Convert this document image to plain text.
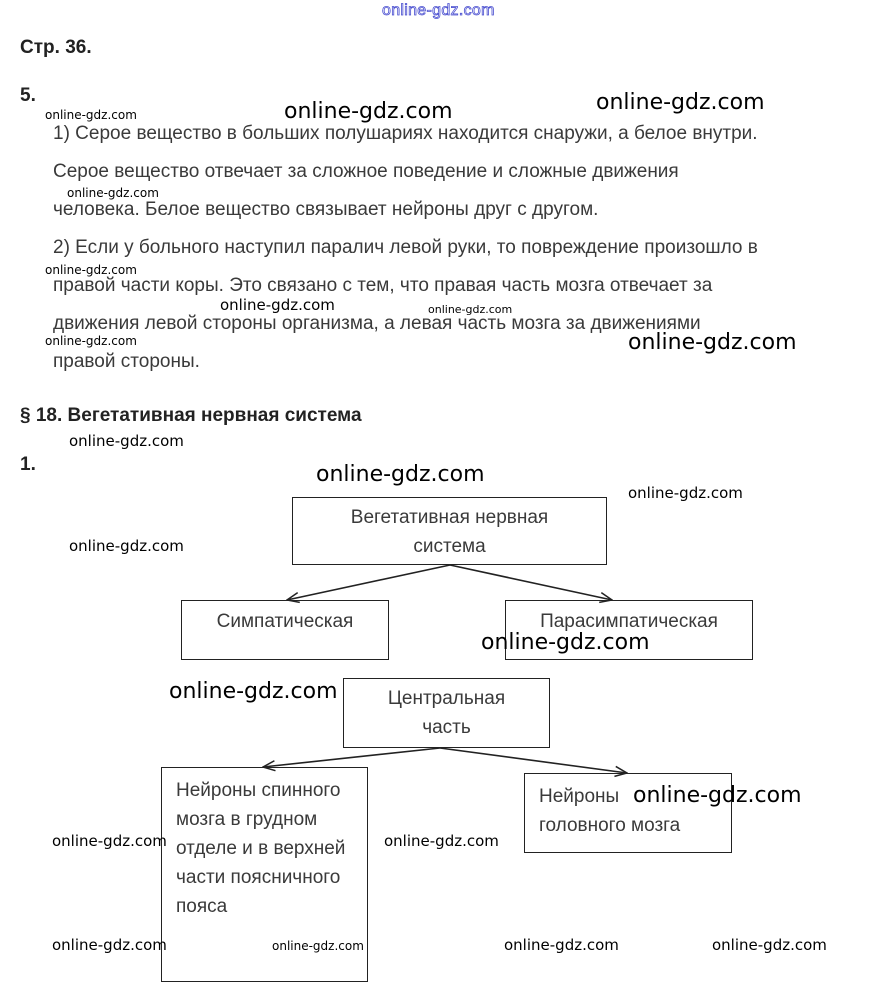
online-gdz.com
Стр. 36.
5.
1) Серое вещество в больших полушариях находится снаружи, а белое внутри.
Серое вещество отвечает за сложное поведение и сложные движения
человека. Белое вещество связывает нейроны друг с другом.
2) Если у больного наступил паралич левой руки, то повреждение произошло в
правой части коры. Это связано с тем, что правая часть мозга отвечает за
движения левой стороны организма, а левая часть мозга за движениями
правой стороны.
§ 18. Вегетативная нервная система
1.
Вегетативная нервная система
Симпатическая	Парасимпатическая
Центральная часть
Нейроны спинного мозга в грудном отделе и в верхней части поясничного пояса
Нейроны головного мозга
online-gdz.com	online-gdz.com	online-gdz.com
online-gdz.com
online-gdz.com
online-gdz.com	online-gdz.com
online-gdz.com	online-gdz.com
online-gdz.com
online-gdz.com
online-gdz.com
online-gdz.com
online-gdz.com
online-gdz.com
online-gdz.com
online-gdz.com	online-gdz.com
online-gdz.com	online-gdz.com	online-gdz.com	online-gdz.com
